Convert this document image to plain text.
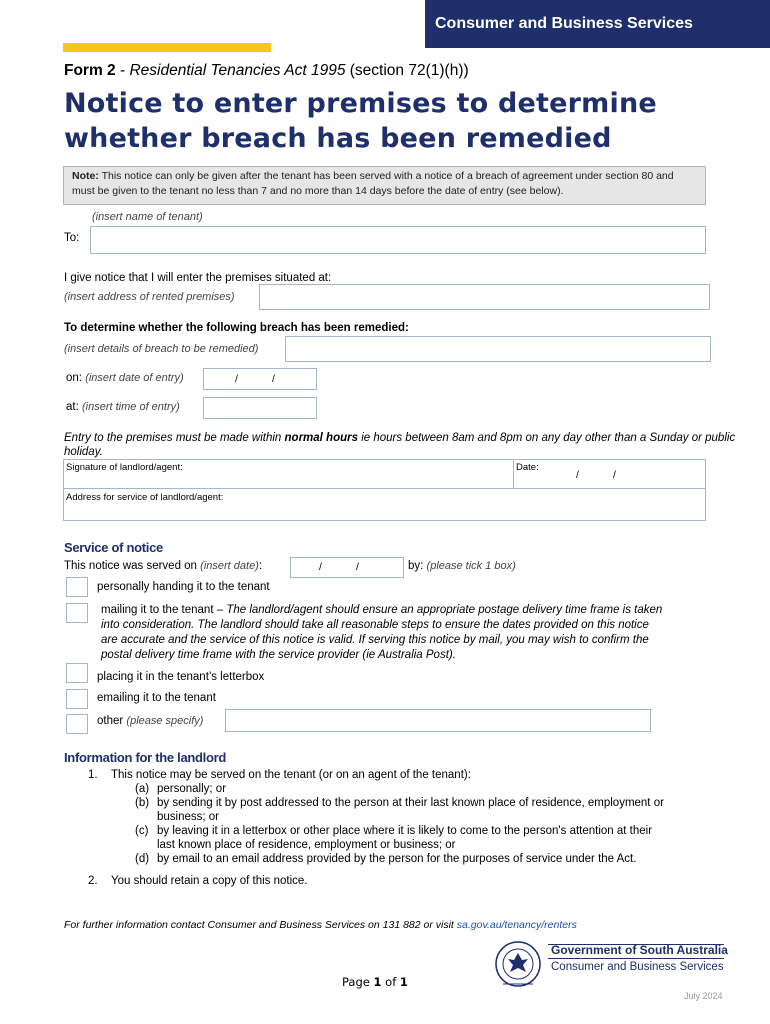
Consumer and Business Services
Form 2 - Residential Tenancies Act 1995 (section 72(1)(h))
Notice to enter premises to determine
whether breach has been remedied
Note: This notice can only be given after the tenant has been served with a notice of a breach of agreement under section 80 and must be given to the tenant no less than 7 and no more than 14 days before the date of entry (see below).
(insert name of tenant)
To:
I give notice that I will enter the premises situated at:
(insert address of rented premises)
To determine whether the following breach has been remedied:
(insert details of breach to be remedied)
on: (insert date of entry)	/	/
at: (insert time of entry)
Entry to the premises must be made within normal hours ie hours between 8am and 8pm on any day other than a Sunday or public holiday.
Signature of landlord/agent:	Date:
/	/
Address for service of landlord/agent:
Service of notice
This notice was served on (insert date):	/	/	by: (please tick 1 box)
personally handing it to the tenant
mailing it to the tenant – The landlord/agent should ensure an appropriate postage delivery time frame is taken
into consideration. The landlord should take all reasonable steps to ensure the dates provided on this notice
are accurate and the service of this notice is valid. If serving this notice by mail, you may wish to confirm the
postal delivery time frame with the service provider (ie Australia Post).
placing it in the tenant’s letterbox
emailing it to the tenant
other (please specify)
Information for the landlord
1. This notice may be served on the tenant (or on an agent of the tenant):
(a) personally; or
(b) by sending it by post addressed to the person at their last known place of residence, employment or
business; or
(c) by leaving it in a letterbox or other place where it is likely to come to the person's attention at their
last known place of residence, employment or business; or
(d) by email to an email address provided by the person for the purposes of service under the Act.
2. You should retain a copy of this notice.
For further information contact Consumer and Business Services on 131 882 or visit sa.gov.au/tenancy/renters
Government of South Australia
Consumer and Business Services
Page 1 of 1
July 2024
